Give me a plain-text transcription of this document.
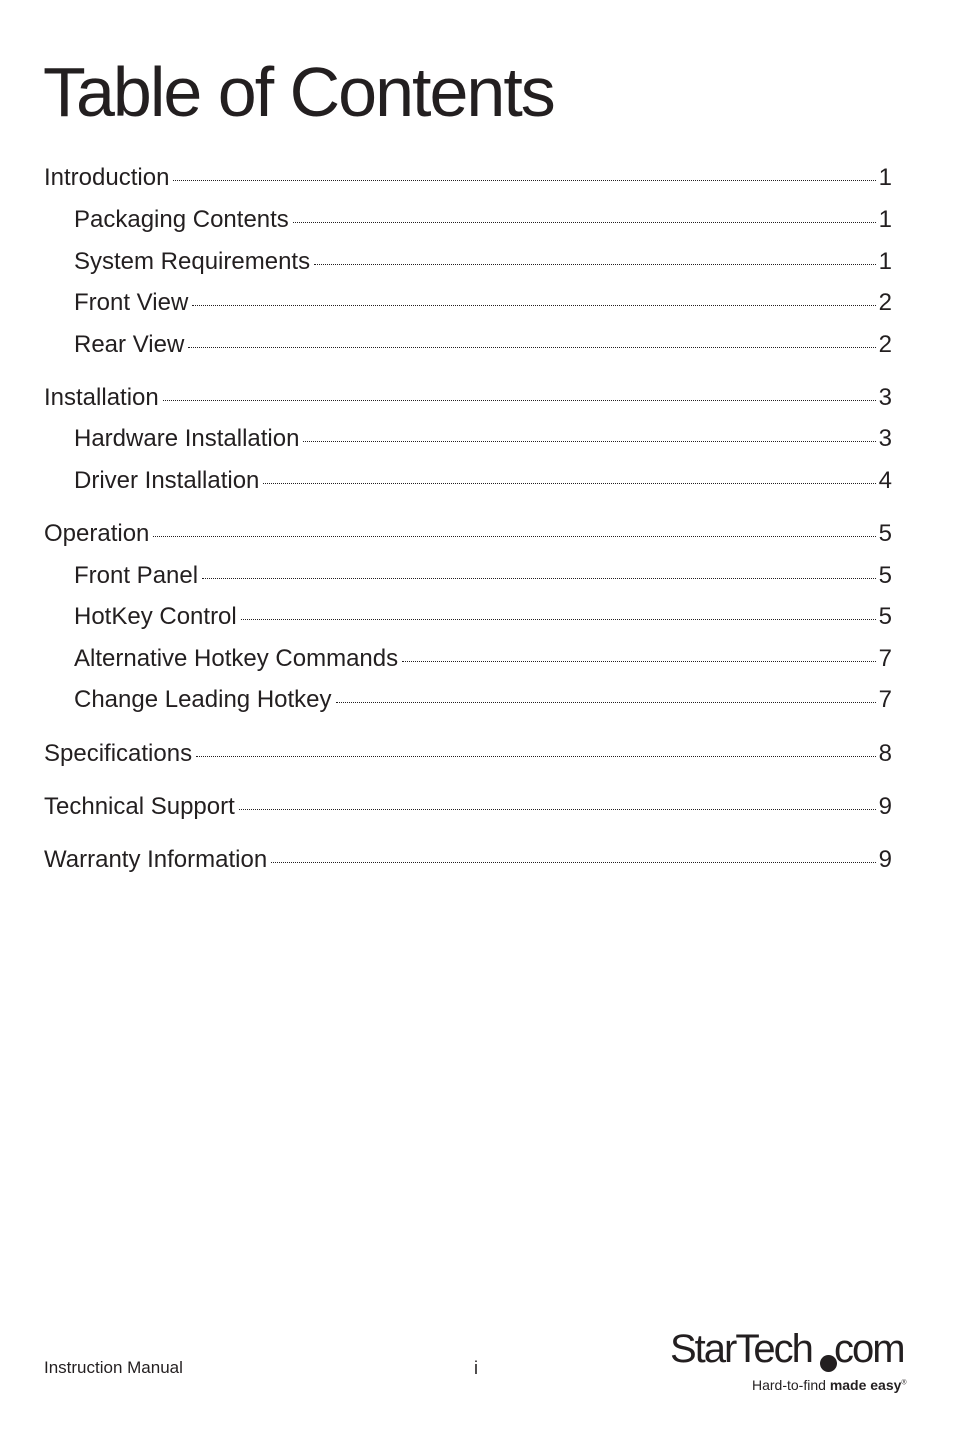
Table of Contents
Introduction	1
Packaging Contents	1
System Requirements	1
Front View	2
Rear View	2
Installation	3
Hardware Installation	3
Driver Installation	4
Operation	5
Front Panel	5
HotKey Control	5
Alternative Hotkey Commands	7
Change Leading Hotkey	7
Specifications	8
Technical Support	9
Warranty Information	9
Instruction Manual	i	StarTech com
Hard-to-find made easy®
